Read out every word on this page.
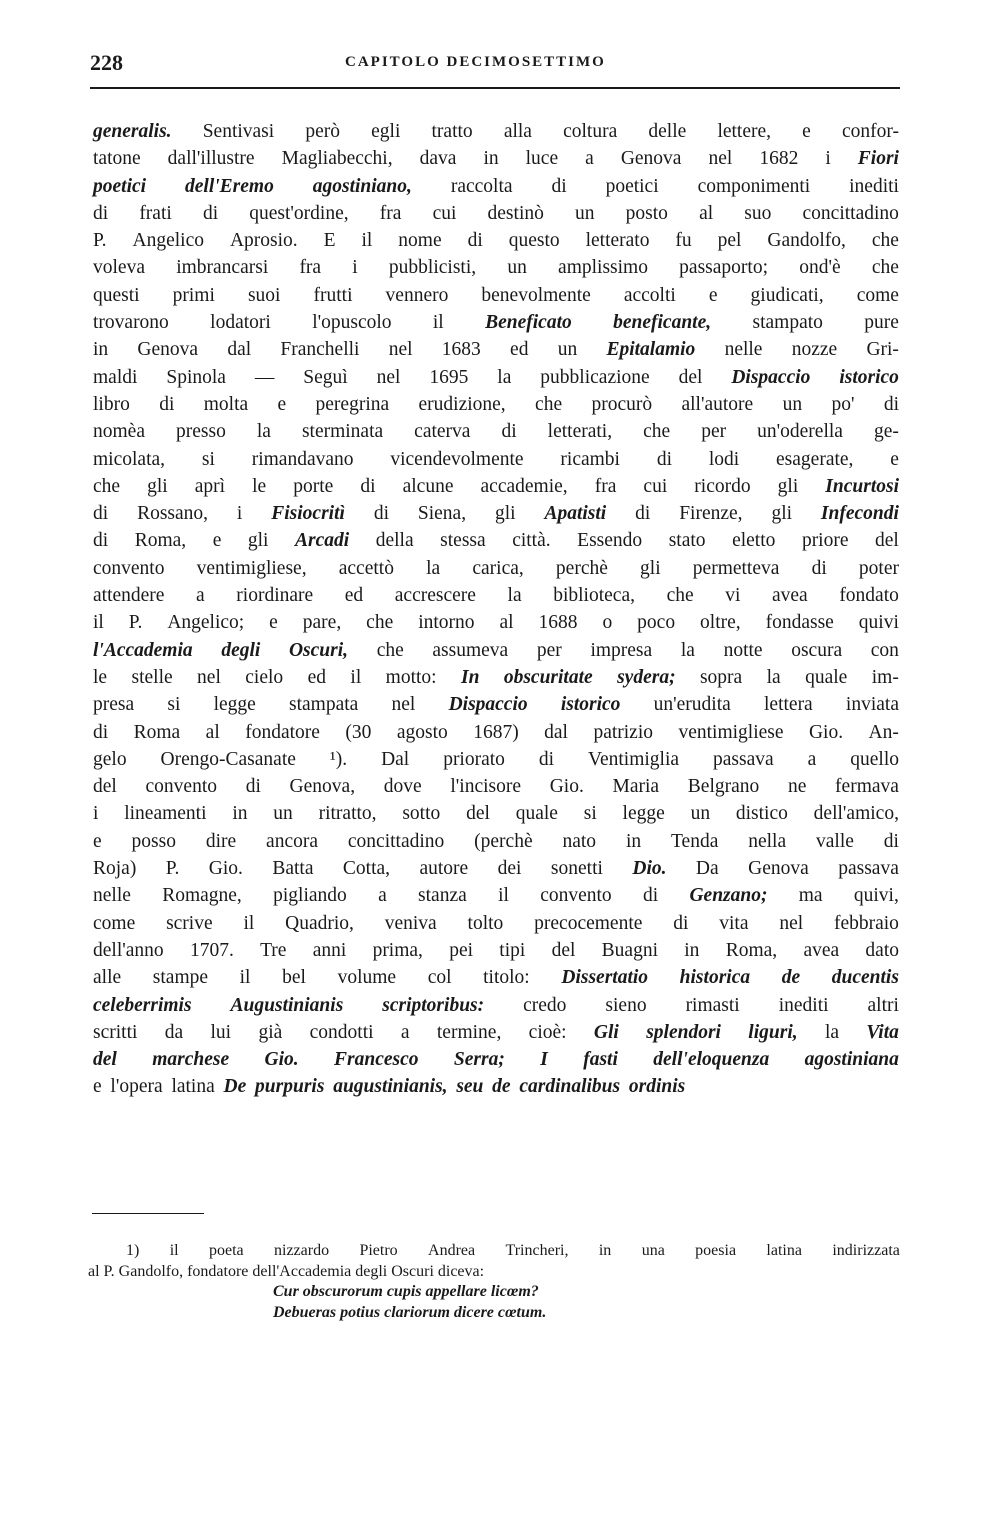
228	CAPITOLO DECIMOSETTIMO
generalis. Sentivasi però egli tratto alla coltura delle lettere, e confor-
tatone dall'illustre Magliabecchi, dava in luce a Genova nel 1682 i Fiori
poetici dell'Eremo agostiniano, raccolta di poetici componimenti inediti
di frati di quest'ordine, fra cui destinò un posto al suo concittadino
P. Angelico Aprosio. E il nome di questo letterato fu pel Gandolfo, che
voleva imbrancarsi fra i pubblicisti, un amplissimo passaporto; ond'è che
questi primi suoi frutti vennero benevolmente accolti e giudicati, come
trovarono lodatori l'opuscolo il Beneficato beneficante, stampato pure
in Genova dal Franchelli nel 1683 ed un Epitalamio nelle nozze Gri-
maldi Spinola — Seguì nel 1695 la pubblicazione del Dispaccio istorico
libro di molta e peregrina erudizione, che procurò all'autore un po' di
nomèa presso la sterminata caterva di letterati, che per un'oderella ge-
micolata, si rimandavano vicendevolmente ricambi di lodi esagerate, e
che gli aprì le porte di alcune accademie, fra cui ricordo gli Incurtosi
di Rossano, i Fisiocritì di Siena, gli Apatisti di Firenze, gli Infecondi
di Roma, e gli Arcadi della stessa città. Essendo stato eletto priore del
convento ventimigliese, accettò la carica, perchè gli permetteva di poter
attendere a riordinare ed accrescere la biblioteca, che vi avea fondato
il P. Angelico; e pare, che intorno al 1688 o poco oltre, fondasse quivi
l'Accademia degli Oscuri, che assumeva per impresa la notte oscura con
le stelle nel cielo ed il motto: In obscuritate sydera; sopra la quale im-
presa si legge stampata nel Dispaccio istorico un'erudita lettera inviata
di Roma al fondatore (30 agosto 1687) dal patrizio ventimigliese Gio. An-
gelo Orengo-Casanate ¹). Dal priorato di Ventimiglia passava a quello
del convento di Genova, dove l'incisore Gio. Maria Belgrano ne fermava
i lineamenti in un ritratto, sotto del quale si legge un distico dell'amico,
e posso dire ancora concittadino (perchè nato in Tenda nella valle di
Roja) P. Gio. Batta Cotta, autore dei sonetti Dio. Da Genova passava
nelle Romagne, pigliando a stanza il convento di Genzano; ma quivi,
come scrive il Quadrio, veniva tolto precocemente di vita nel febbraio
dell'anno 1707. Tre anni prima, pei tipi del Buagni in Roma, avea dato
alle stampe il bel volume col titolo: Dissertatio historica de ducentis
celeberrimis Augustinianis scriptoribus: credo sieno rimasti inediti altri
scritti da lui già condotti a termine, cioè: Gli splendori liguri, la Vita
del marchese Gio. Francesco Serra; I fasti dell'eloquenza agostiniana
e l'opera latina De purpuris augustinianis, seu de cardinalibus ordinis
1) il poeta nizzardo Pietro Andrea Trincheri, in una poesia latina indirizzata
al P. Gandolfo, fondatore dell'Accademia degli Oscuri diceva:
Cur obscurorum cupis appellare licœm?
Debueras potius clariorum dicere cœtum.
